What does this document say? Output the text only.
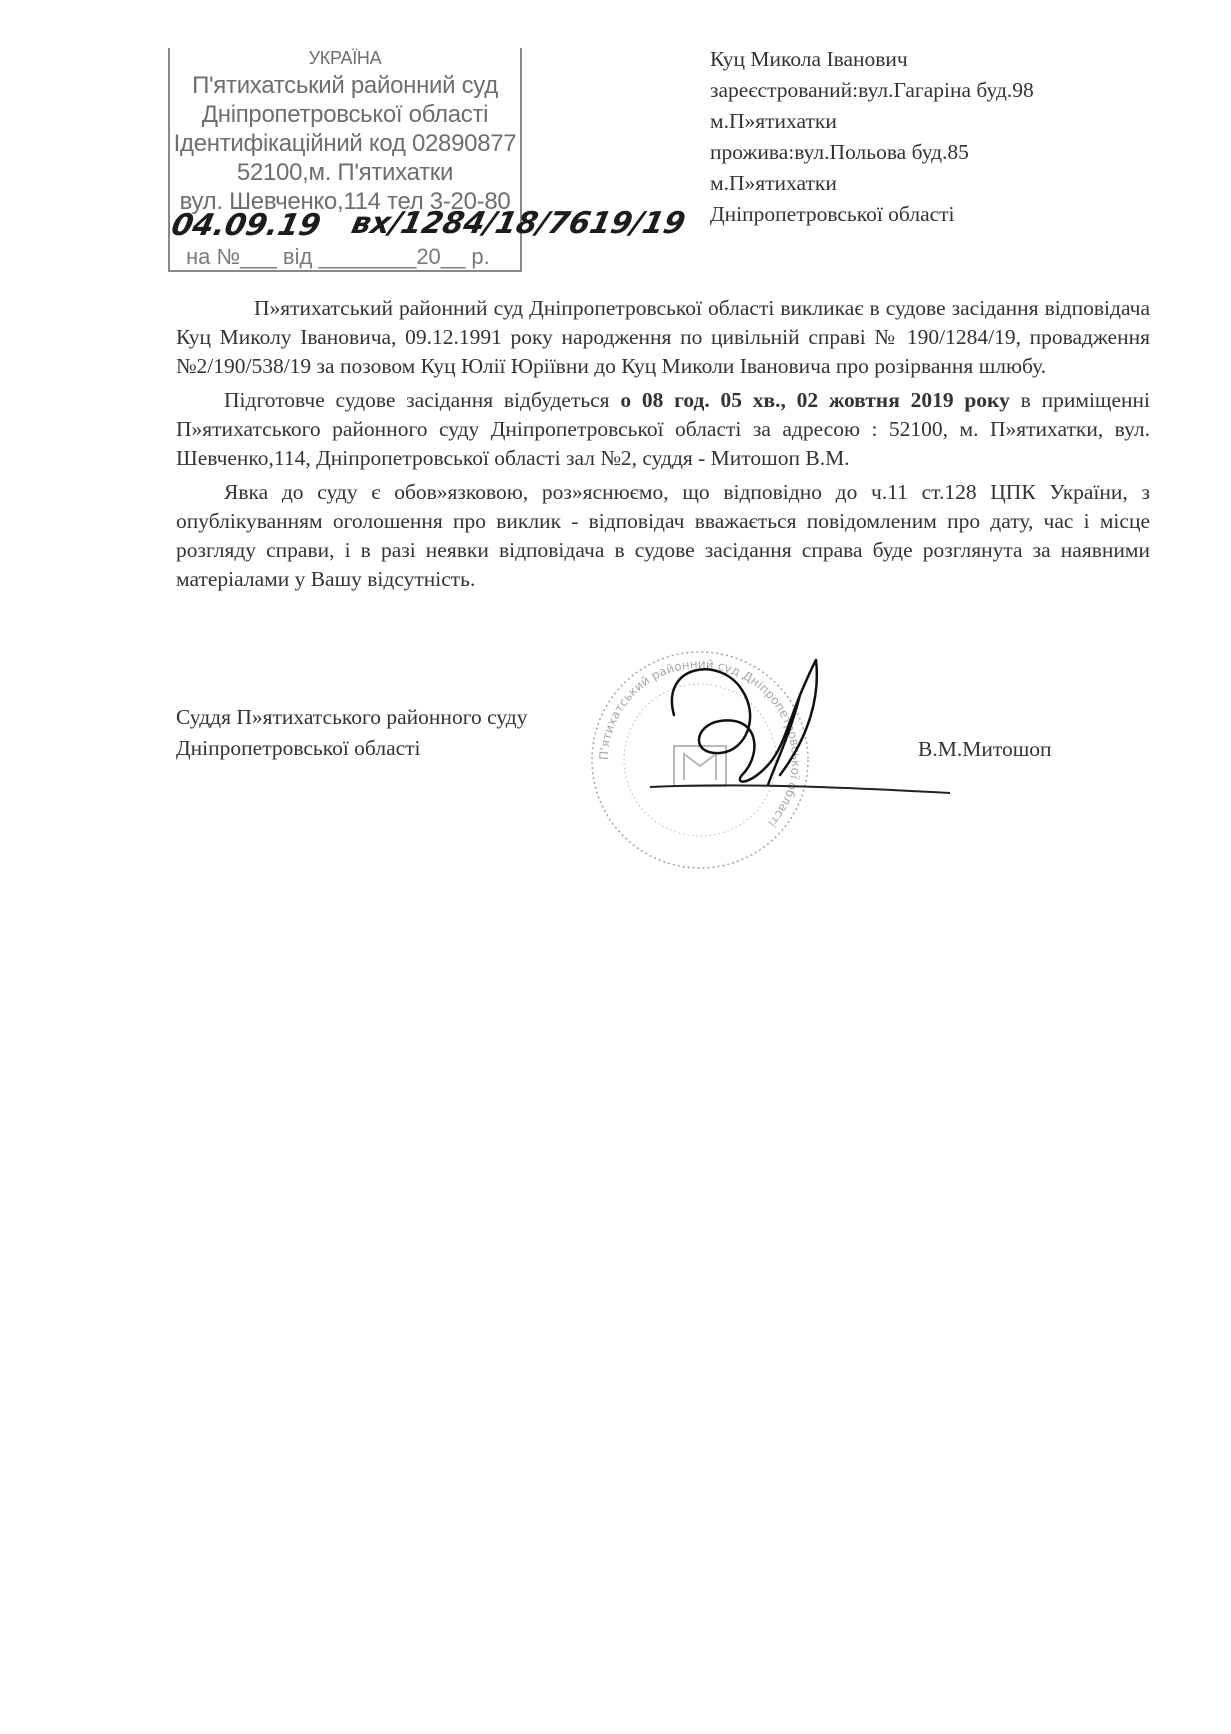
УКРАЇНА
П'ятихатський районний суд
Дніпропетровської області
Ідентифікаційний код 02890877
52100,м. П'ятихатки
вул. Шевченко,114 тел 3-20-80
04.09.19 вх/1284/18/7619/19
на №___ від ________20__ р.
Куц Микола Іванович
зареєстрований:вул.Гагаріна буд.98
м.П»ятихатки
прожива:вул.Польова буд.85
м.П»ятихатки
Дніпропетровської області

П»ятихатський районний суд Дніпропетровської області викликає в судове засідання відповідача Куц Миколу Івановича, 09.12.1991 року народження по цивільній справі № 190/1284/19, провадження №2/190/538/19 за позовом Куц Юлії Юріївни до Куц Миколи Івановича про розірвання шлюбу.

Підготовче судове засідання відбудеться о 08 год. 05 хв., 02 жовтня 2019 року в приміщенні П»ятихатського районного суду Дніпропетровської області за адресою : 52100, м. П»ятихатки, вул. Шевченко,114, Дніпропетровської області зал №2, суддя - Митошоп В.М.

Явка до суду є обов»язковою, роз»яснюємо, що відповідно до ч.11 ст.128 ЦПК України, з опублікуванням оголошення про виклик - відповідач вважається повідомленим про дату, час і місце розгляду справи, і в разі неявки відповідача в судове засідання справа буде розглянута за наявними матеріалами у Вашу відсутність.

П'ятихатський районний суд Дніпропетровської області
Суддя П»ятихатського районного суду
Дніпропетровської області	В.М.Митошоп
